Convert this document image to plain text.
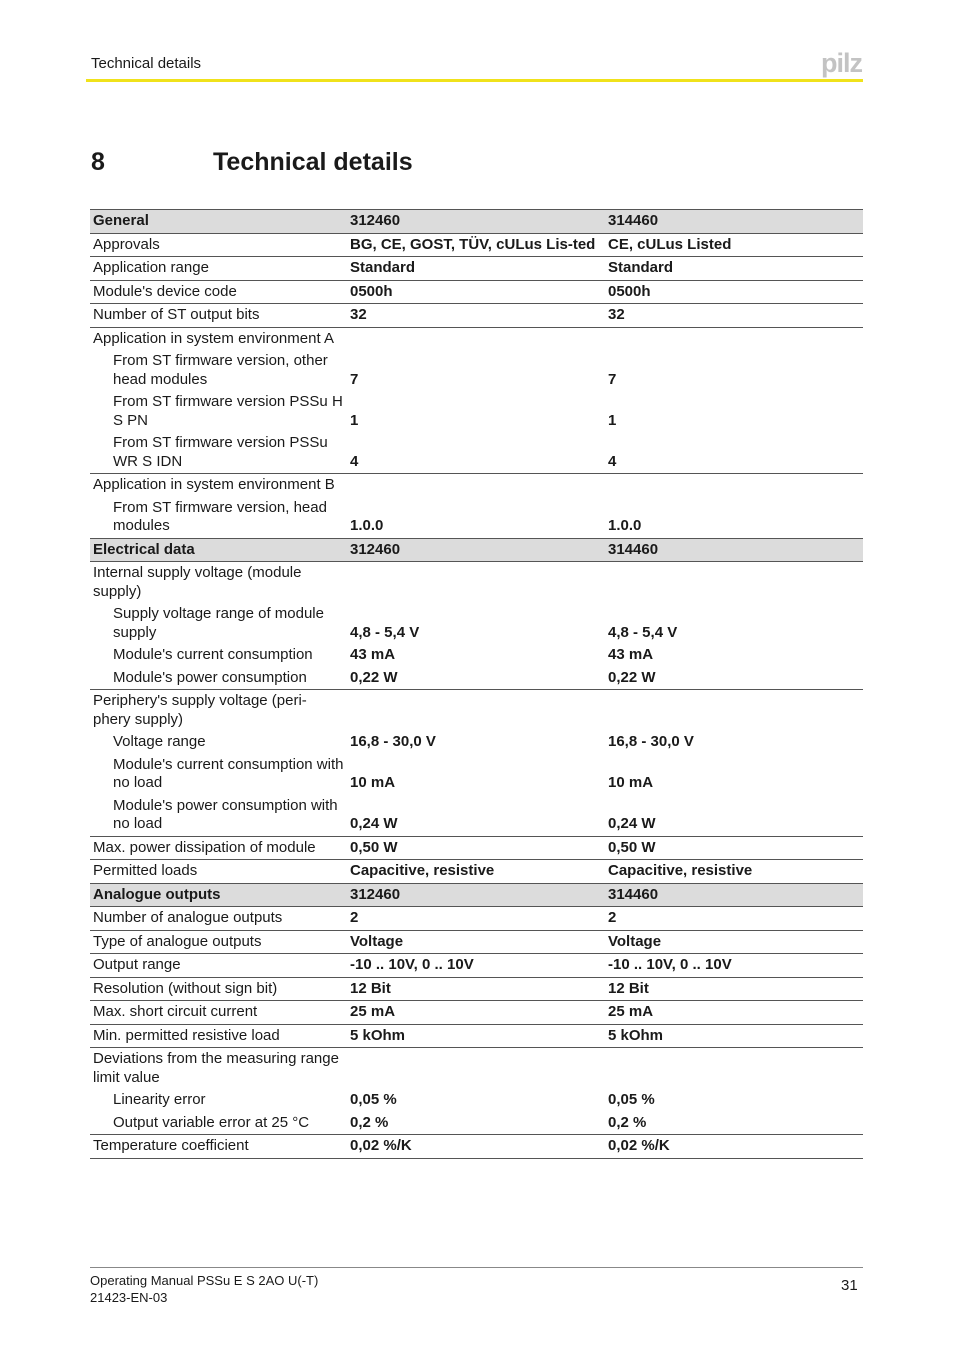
Technical details	pilz
8	Technical details
General	312460	314460
Approvals	BG, CE, GOST, TÜV, cULus Lis-ted	CE, cULus Listed
Application range	Standard	Standard
Module's device code	0500h	0500h
Number of ST output bits	32	32
Application in system environment A		
From ST firmware version, other head modules	7	7
From ST firmware version PSSu H S PN	1	1
From ST firmware version PSSu WR S IDN	4	4
Application in system environment B		
From ST firmware version, head modules	1.0.0	1.0.0
Electrical data	312460	314460
Internal supply voltage (module supply)		
Supply voltage range of module supply	4,8 - 5,4 V	4,8 - 5,4 V
Module's current consumption	43 mA	43 mA
Module's power consumption	0,22 W	0,22 W
Periphery's supply voltage (peri-phery supply)		
Voltage range	16,8 - 30,0 V	16,8 - 30,0 V
Module's current consumption with no load	10 mA	10 mA
Module's power consumption with no load	0,24 W	0,24 W
Max. power dissipation of module	0,50 W	0,50 W
Permitted loads	Capacitive, resistive	Capacitive, resistive
Analogue outputs	312460	314460
Number of analogue outputs	2	2
Type of analogue outputs	Voltage	Voltage
Output range	-10 .. 10V, 0 .. 10V	-10 .. 10V, 0 .. 10V
Resolution (without sign bit)	12 Bit	12 Bit
Max. short circuit current	25 mA	25 mA
Min. permitted resistive load	5 kOhm	5 kOhm
Deviations from the measuring range limit value		
Linearity error	0,05 %	0,05 %
Output variable error at 25 °C	0,2 %	0,2 %
Temperature coefficient	0,02 %/K	0,02 %/K
Operating Manual PSSu E S 2AO U(-T)
21423-EN-03
31
